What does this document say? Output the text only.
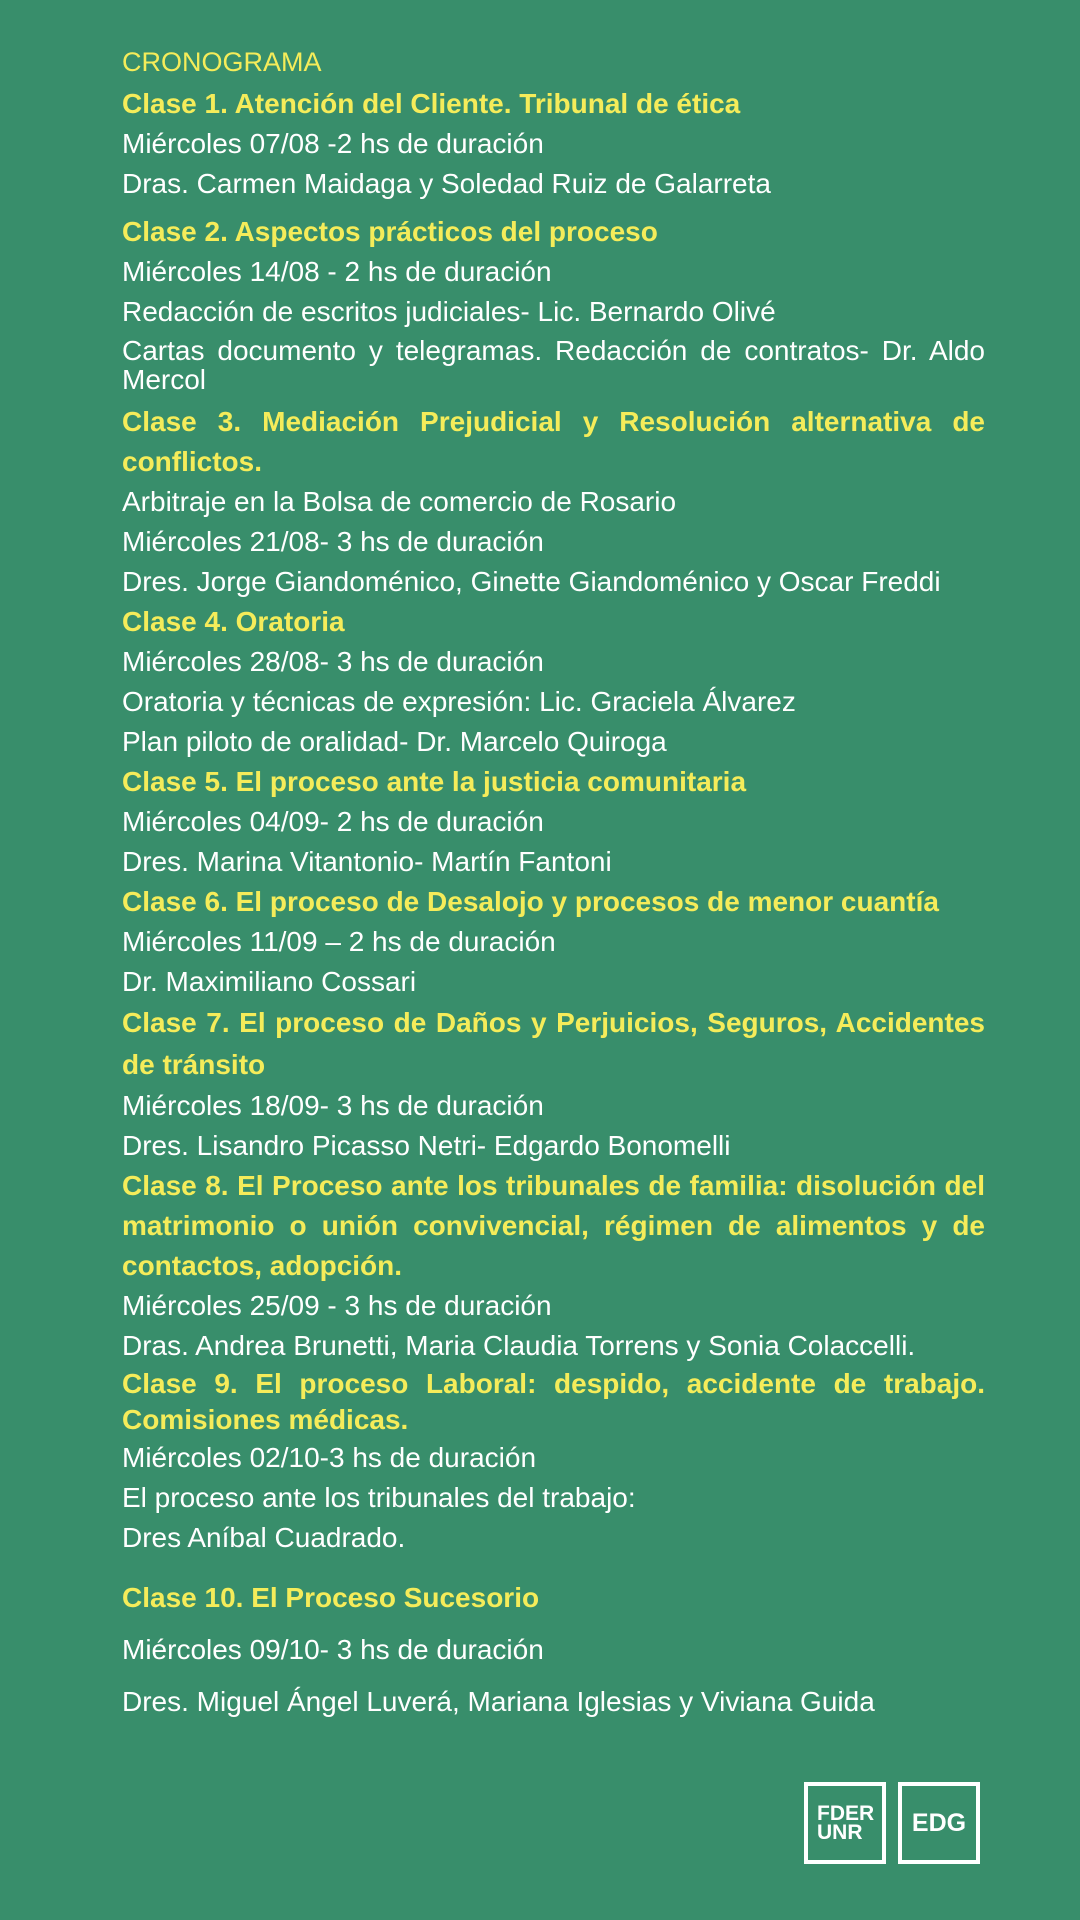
CRONOGRAMA
Clase 1. Atención del Cliente. Tribunal de ética
Miércoles 07/08 -2 hs de duración
Dras. Carmen Maidaga y Soledad Ruiz de Galarreta
Clase 2. Aspectos prácticos del proceso
Miércoles 14/08 - 2 hs de duración
Redacción de escritos judiciales- Lic. Bernardo Olivé
Cartas documento y telegramas. Redacción de contratos- Dr. Aldo Mercol
Clase 3. Mediación Prejudicial y Resolución alternativa de conflictos.
Arbitraje en la Bolsa de comercio de Rosario
Miércoles 21/08- 3 hs de duración
Dres. Jorge Giandoménico, Ginette Giandoménico y Oscar Freddi
Clase 4. Oratoria
Miércoles 28/08- 3 hs de duración
Oratoria y técnicas de expresión: Lic. Graciela Álvarez
Plan piloto de oralidad- Dr. Marcelo Quiroga
Clase 5. El proceso ante la justicia comunitaria
Miércoles 04/09- 2 hs de duración
Dres. Marina Vitantonio- Martín Fantoni
Clase 6. El proceso de Desalojo y procesos de menor cuantía
Miércoles 11/09 – 2 hs de duración
Dr. Maximiliano Cossari
Clase 7. El proceso de Daños y Perjuicios, Seguros, Accidentes de tránsito
Miércoles 18/09- 3 hs de duración
Dres. Lisandro Picasso Netri- Edgardo Bonomelli
Clase 8. El Proceso ante los tribunales de familia: disolución del matrimonio o unión convivencial, régimen de alimentos y de contactos, adopción.
Miércoles 25/09 - 3 hs de duración
Dras. Andrea Brunetti, Maria Claudia Torrens y Sonia Colaccelli.
Clase 9. El proceso Laboral: despido, accidente de trabajo. Comisiones médicas.
Miércoles 02/10-3 hs de duración
El proceso ante los tribunales del trabajo:
Dres Aníbal Cuadrado.
Clase 10. El Proceso Sucesorio
Miércoles 09/10- 3 hs de duración
Dres. Miguel Ángel Luverá, Mariana Iglesias y Viviana Guida
FDER
UNR EDG
